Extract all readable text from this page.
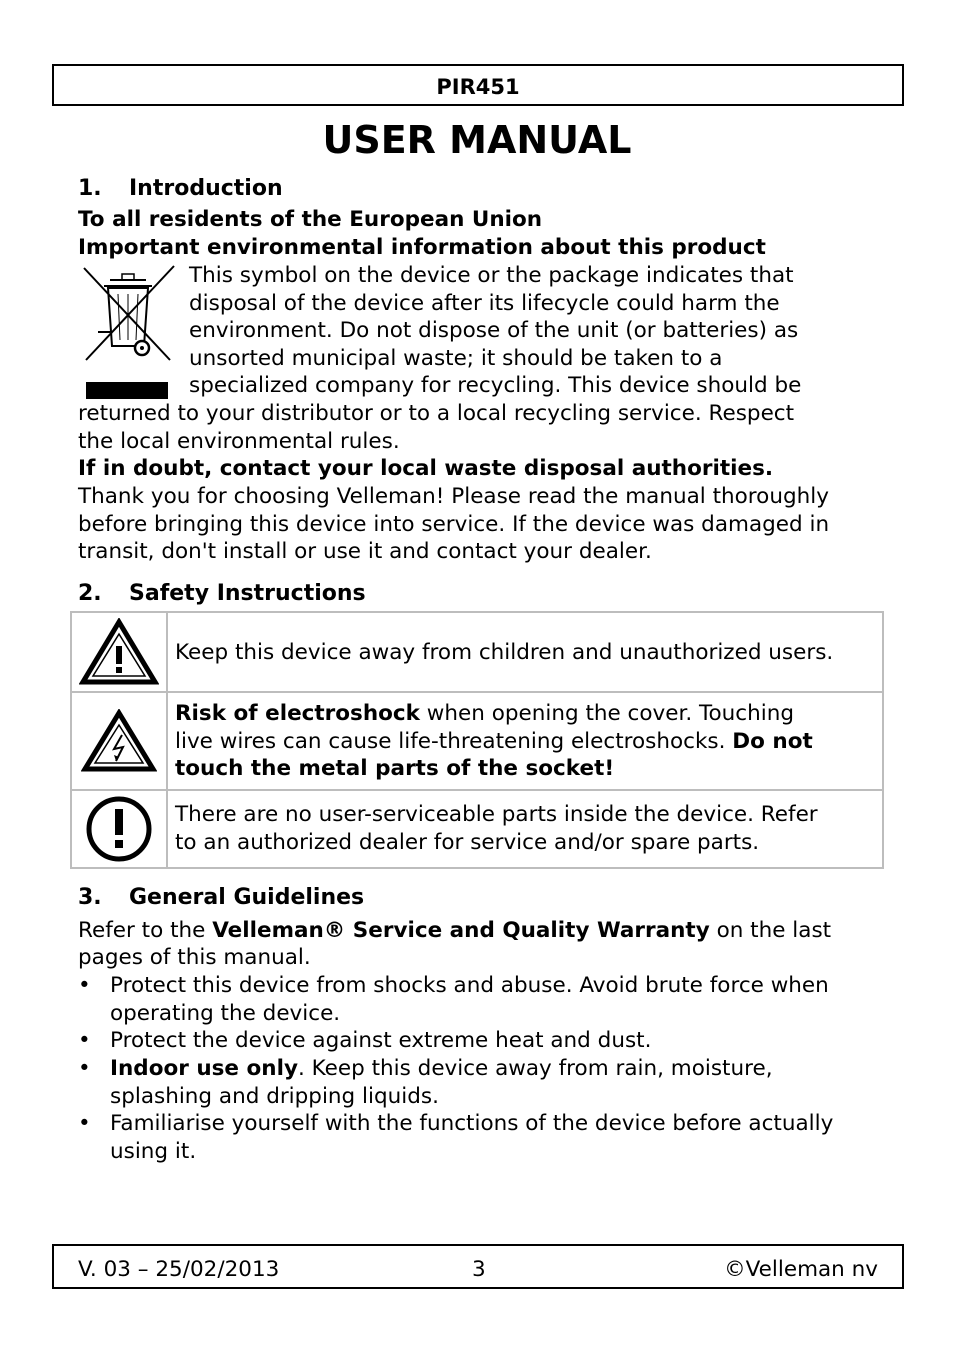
PIR451
USER MANUAL
1. Introduction
To all residents of the European Union
Important environmental information about this product
This symbol on the device or the package indicates that
disposal of the device after its lifecycle could harm the
environment. Do not dispose of the unit (or batteries) as
unsorted municipal waste; it should be taken to a
specialized company for recycling. This device should be
returned to your distributor or to a local recycling service. Respect
the local environmental rules.
If in doubt, contact your local waste disposal authorities.
Thank you for choosing Velleman! Please read the manual thoroughly
before bringing this device into service. If the device was damaged in
transit, don't install or use it and contact your dealer.
2. Safety Instructions
Keep this device away from children and unauthorized users.
Risk of electroshock when opening the cover. Touching
live wires can cause life-threatening electroshocks. Do not
touch the metal parts of the socket!
There are no user-serviceable parts inside the device. Refer
to an authorized dealer for service and/or spare parts.
3. General Guidelines
Refer to the Velleman® Service and Quality Warranty on the last
pages of this manual.
• Protect this device from shocks and abuse. Avoid brute force when
operating the device.
• Protect the device against extreme heat and dust.
• Indoor use only. Keep this device away from rain, moisture,
splashing and dripping liquids.
• Familiarise yourself with the functions of the device before actually
using it.
V. 03 – 25/02/2013	3	©Velleman nv
